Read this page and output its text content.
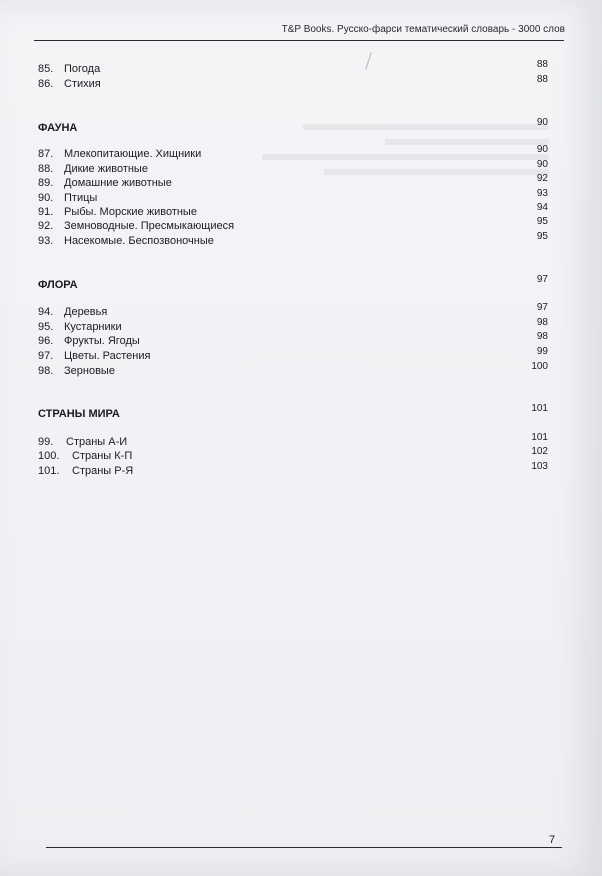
T&P Books. Русско-фарси тематический словарь - 3000 слов

85. Погода	88
86. Стихия	88
ФАУНА	90
87. Млекопитающие. Хищники	90
88. Дикие животные	90
89. Домашние животные	92
90. Птицы	93
91. Рыбы. Морские животные	94
92. Земноводные. Пресмыкающиеся	95
93. Насекомые. Беспозвоночные	95
ФЛОРА	97
94. Деревья	97
95. Кустарники	98
96. Фрукты. Ягоды	98
97. Цветы. Растения	99
98. Зерновые	100
СТРАНЫ МИРА	101
99.	Страны А-И	101
100.	Страны К-П	102
101.	Страны Р-Я	103
7
